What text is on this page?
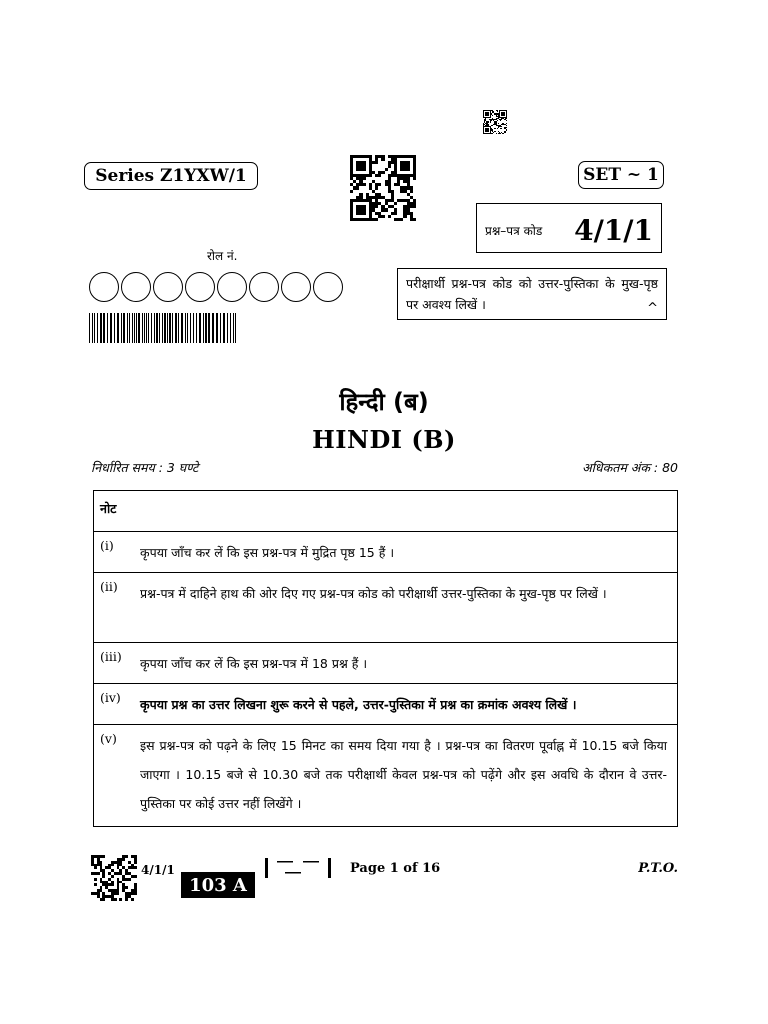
Series Z1YXW/1	SET ~ 1
प्रश्न–पत्र कोड 4/1/1
रोल नं.
परीक्षार्थी प्रश्न-पत्र कोड को उत्तर-पुस्तिका के मुख-पृष्ठ पर अवश्य लिखें ।	^
हिन्दी (ब)
HINDI (B)
निर्धारित समय : 3 घण्टे	अधिकतम अंक : 80
नोट
(i)	कृपया जाँच कर लें कि इस प्रश्न-पत्र में मुद्रित पृष्ठ 15 हैं ।
(ii)	प्रश्न-पत्र में दाहिने हाथ की ओर दिए गए प्रश्न-पत्र कोड को परीक्षार्थी उत्तर-पुस्तिका के मुख-पृष्ठ पर लिखें ।
(iii)	कृपया जाँच कर लें कि इस प्रश्न-पत्र में 18 प्रश्न हैं ।
(iv)	कृपया प्रश्न का उत्तर लिखना शुरू करने से पहले, उत्तर-पुस्तिका में प्रश्न का क्रमांक अवश्य लिखें ।
(v)	इस प्रश्न-पत्र को पढ़ने के लिए 15 मिनट का समय दिया गया है । प्रश्न-पत्र का वितरण पूर्वाह्न में 10.15 बजे किया जाएगा । 10.15 बजे से 10.30 बजे तक परीक्षार्थी केवल प्रश्न-पत्र को पढ़ेंगे और इस अवधि के दौरान वे उत्तर-पुस्तिका पर कोई उत्तर नहीं लिखेंगे ।
4/1/1
103 A
Page 1 of 16	P.T.O.
